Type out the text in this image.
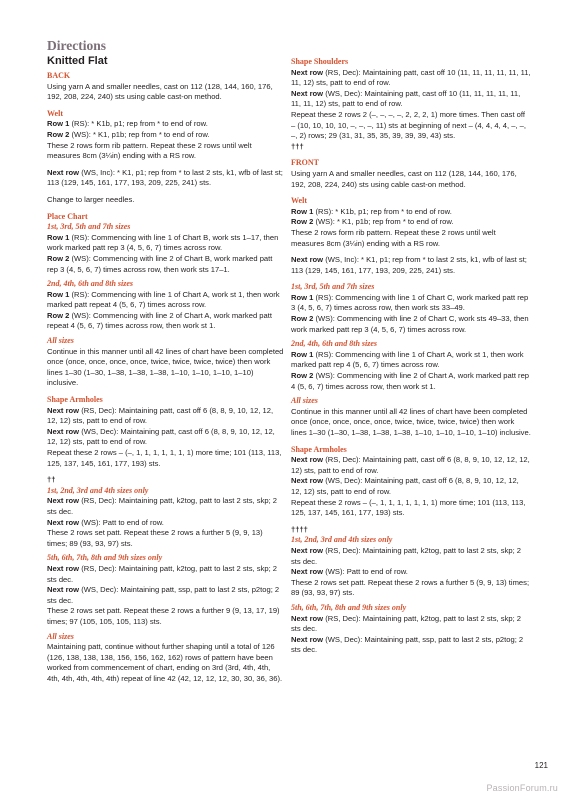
Directions

Knitted Flat

BACK

Using yarn A and smaller needles, cast on 112 (128, 144, 160, 176, 192, 208, 224, 240) sts using cable cast-on method.

Welt

Row 1 (RS): * K1b, p1; rep from * to end of row.

Row 2 (WS): * K1, p1b; rep from * to end of row.

These 2 rows form rib pattern. Repeat these 2 rows until welt measures 8cm (3¼in) ending with a RS row.

Next row (WS, Inc): * K1, p1; rep from * to last 2 sts, k1, wfb of last st; 113 (129, 145, 161, 177, 193, 209, 225, 241) sts.

Change to larger needles.

Place Chart

1st, 3rd, 5th and 7th sizes

Row 1 (RS): Commencing with line 1 of Chart B, work sts 1–17, then work marked patt rep 3 (4, 5, 6, 7) times across row.

Row 2 (WS): Commencing with line 2 of Chart B, work marked patt rep 3 (4, 5, 6, 7) times across row, then work sts 17–1.

2nd, 4th, 6th and 8th sizes

Row 1 (RS): Commencing with line 1 of Chart A, work st 1, then work marked patt repeat 4 (5, 6, 7) times across row.

Row 2 (WS): Commencing with line 2 of Chart A, work marked patt repeat 4 (5, 6, 7) times across row, then work st 1.

All sizes

Continue in this manner until all 42 lines of chart have been completed once (once, once, once, once, twice, twice, twice, twice) then work lines 1–30 (1–30, 1–38, 1–38, 1–38, 1–10, 1–10, 1–10, 1–10) inclusive.

Shape Armholes

Next row (RS, Dec): Maintaining patt, cast off 6 (8, 8, 9, 10, 12, 12, 12, 12) sts, patt to end of row.

Next row (WS, Dec): Maintaining patt, cast off 6 (8, 8, 9, 10, 12, 12, 12, 12) sts, patt to end of row.

Repeat these 2 rows – (–, 1, 1, 1, 1, 1, 1, 1) more time; 101 (113, 113, 125, 137, 145, 161, 177, 193) sts.

††

1st, 2nd, 3rd and 4th sizes only

Next row (RS, Dec): Maintaining patt, k2tog, patt to last 2 sts, skp; 2 sts dec.

Next row (WS): Patt to end of row.

These 2 rows set patt. Repeat these 2 rows a further 5 (9, 9, 13) times; 89 (93, 93, 97) sts.

5th, 6th, 7th, 8th and 9th sizes only

Next row (RS, Dec): Maintaining patt, k2tog, patt to last 2 sts, skp; 2 sts dec.

Next row (WS, Dec): Maintaining patt, ssp, patt to last 2 sts, p2tog; 2 sts dec.

These 2 rows set patt. Repeat these 2 rows a further 9 (9, 13, 17, 19) times; 97 (105, 105, 105, 113) sts.

All sizes

Maintaining patt, continue without further shaping until a total of 126 (126, 138, 138, 138, 156, 156, 162, 162) rows of pattern have been worked from commencement of chart, ending on 3rd (3rd, 4th, 4th, 4th, 4th, 4th, 4th, 4th) repeat of line 42 (42, 12, 12, 12, 30, 30, 36, 36).

Shape Shoulders

Next row (RS, Dec): Maintaining patt, cast off 10 (11, 11, 11, 11, 11, 11, 11, 12) sts, patt to end of row.

Next row (WS, Dec): Maintaining patt, cast off 10 (11, 11, 11, 11, 11, 11, 11, 12) sts, patt to end of row.

Repeat these 2 rows 2 (–, –, –, –, 2, 2, 2, 1) more times. Then cast off – (10, 10, 10, 10, –, –, –, 11) sts at beginning of next – (4, 4, 4, 4, –, –, –, 2) rows; 29 (31, 31, 35, 35, 39, 39, 39, 43) sts.

†††

FRONT

Using yarn A and smaller needles, cast on 112 (128, 144, 160, 176, 192, 208, 224, 240) sts using cable cast-on method.

Welt

Row 1 (RS): * K1b, p1; rep from * to end of row.

Row 2 (WS): * K1, p1b; rep from * to end of row.

These 2 rows form rib pattern. Repeat these 2 rows until welt measures 8cm (3¼in) ending with a RS row.

Next row (WS, Inc): * K1, p1; rep from * to last 2 sts, k1, wfb of last st; 113 (129, 145, 161, 177, 193, 209, 225, 241) sts.

1st, 3rd, 5th and 7th sizes

Row 1 (RS): Commencing with line 1 of Chart C, work marked patt rep 3 (4, 5, 6, 7) times across row, then work sts 33–49.

Row 2 (WS): Commencing with line 2 of Chart C, work sts 49–33, then work marked patt rep 3 (4, 5, 6, 7) times across row.

2nd, 4th, 6th and 8th sizes

Row 1 (RS): Commencing with line 1 of Chart A, work st 1, then work marked patt rep 4 (5, 6, 7) times across row.

Row 2 (WS): Commencing with line 2 of Chart A, work marked patt rep 4 (5, 6, 7) times across row, then work st 1.

All sizes

Continue in this manner until all 42 lines of chart have been completed once (once, once, once, once, twice, twice, twice, twice) then work lines 1–30 (1–30, 1–38, 1–38, 1–38, 1–10, 1–10, 1–10, 1–10) inclusive.

Shape Armholes

Next row (RS, Dec): Maintaining patt, cast off 6 (8, 8, 9, 10, 12, 12, 12, 12) sts, patt to end of row.

Next row (WS, Dec): Maintaining patt, cast off 6 (8, 8, 9, 10, 12, 12, 12, 12) sts, patt to end of row.

Repeat these 2 rows – (–, 1, 1, 1, 1, 1, 1, 1) more time; 101 (113, 113, 125, 137, 145, 161, 177, 193) sts.

††††

1st, 2nd, 3rd and 4th sizes only

Next row (RS, Dec): Maintaining patt, k2tog, patt to last 2 sts, skp; 2 sts dec.

Next row (WS): Patt to end of row.

These 2 rows set patt. Repeat these 2 rows a further 5 (9, 9, 13) times; 89 (93, 93, 97) sts.

5th, 6th, 7th, 8th and 9th sizes only

Next row (RS, Dec): Maintaining patt, k2tog, patt to last 2 sts, skp; 2 sts dec.

Next row (WS, Dec): Maintaining patt, ssp, patt to last 2 sts, p2tog; 2 sts dec.

121
PassionForum.ru
